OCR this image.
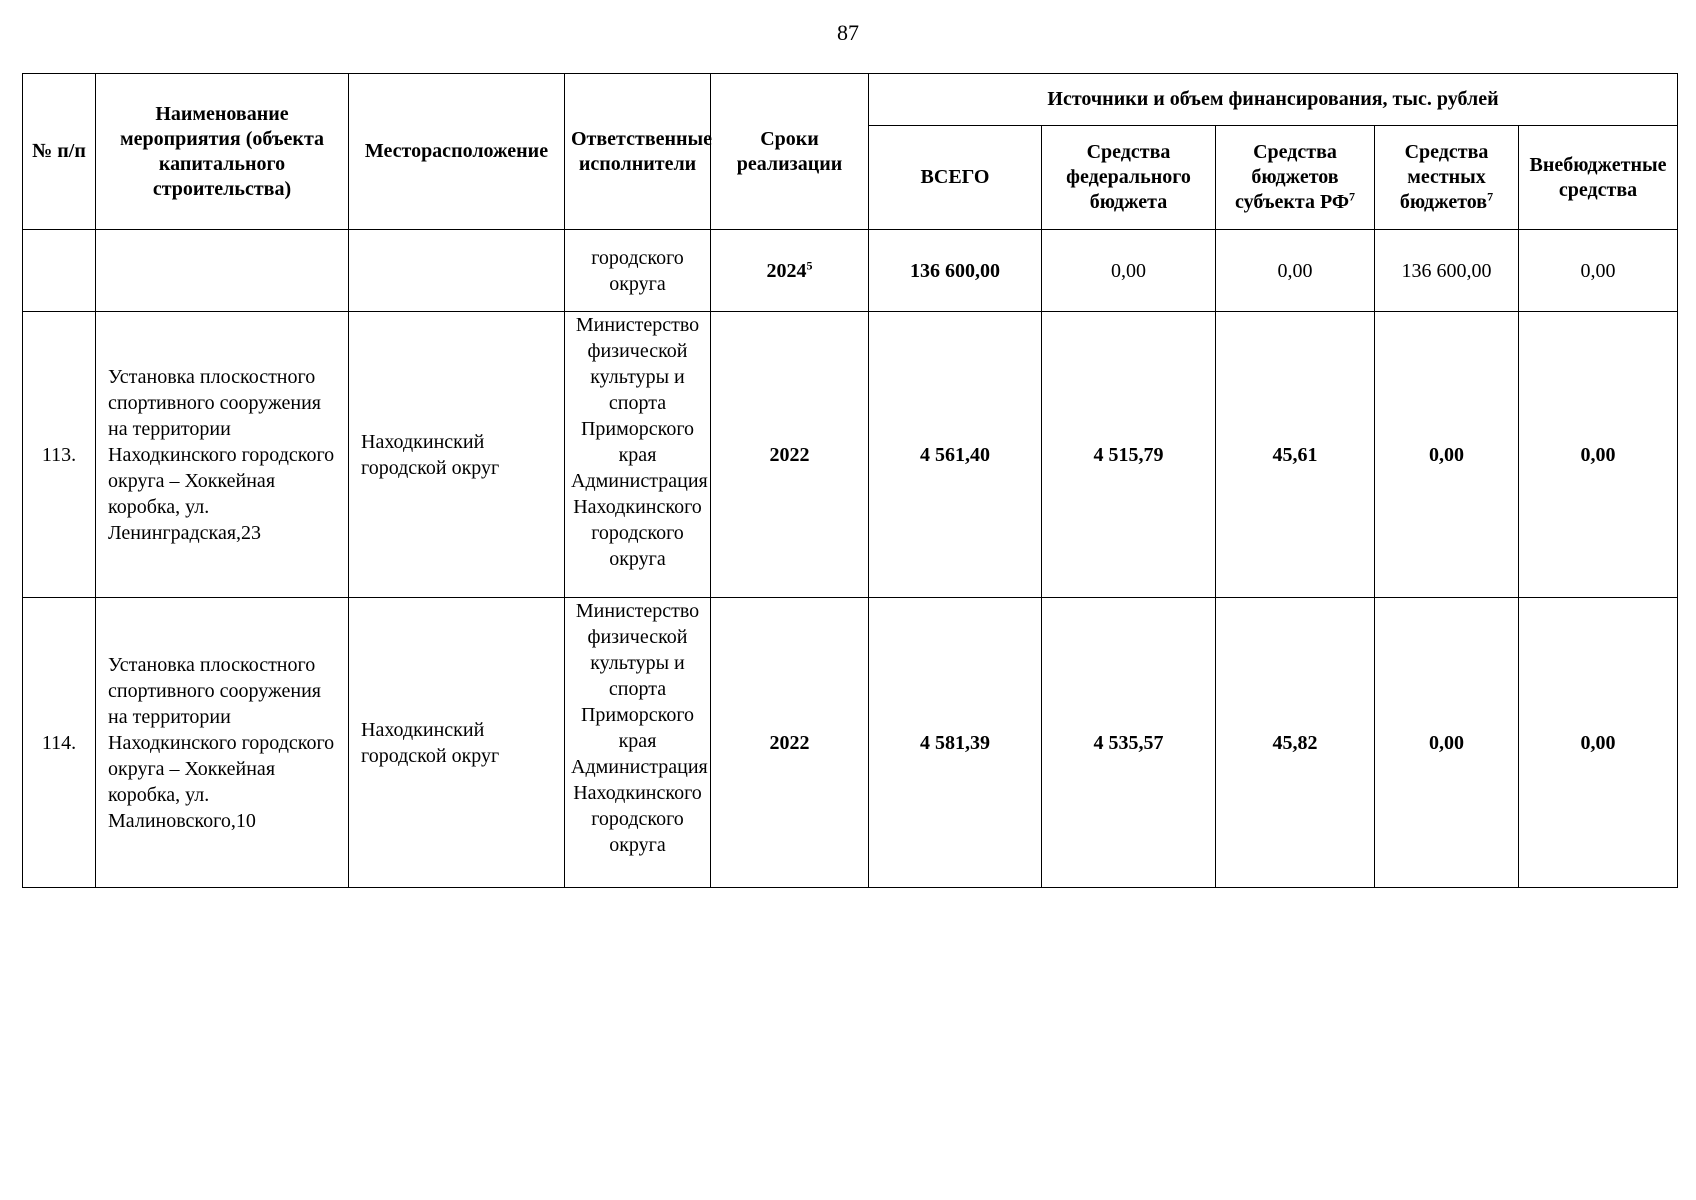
87
№ п/п	Наименование мероприятия (объекта капитального строительства)	Месторасположение	Ответственные исполнители	Сроки реализации	Источники и объем финансирования, тыс. рублей				
					ВСЕГО	Средства федерального бюджета	Средства бюджетов субъекта $РФ^7$	Средства местных бюджетов$^7$	Внебюджетные средства
			городского округа	2024$^5$	136 600,00	0,00	0,00	136 600,00	0,00
113.	Установка плоскостного спортивного сооружения на территории Находкинского городского округа – Хоккейная коробка, ул. Ленинградская,23	Находкинский городской округ	Министерство физической культуры и спорта Приморского края Администрация Находкинского городского округа	2022	4 561,40	4 515,79	45,61	0,00	0,00
114.	Установка плоскостного спортивного сооружения на территории Находкинского городского округа – Хоккейная коробка, ул. Малиновского,10	Находкинский городской округ	Министерство физической культуры и спорта Приморского края Администрация Находкинского городского округа	2022	4 581,39	4 535,57	45,82	0,00	0,00
